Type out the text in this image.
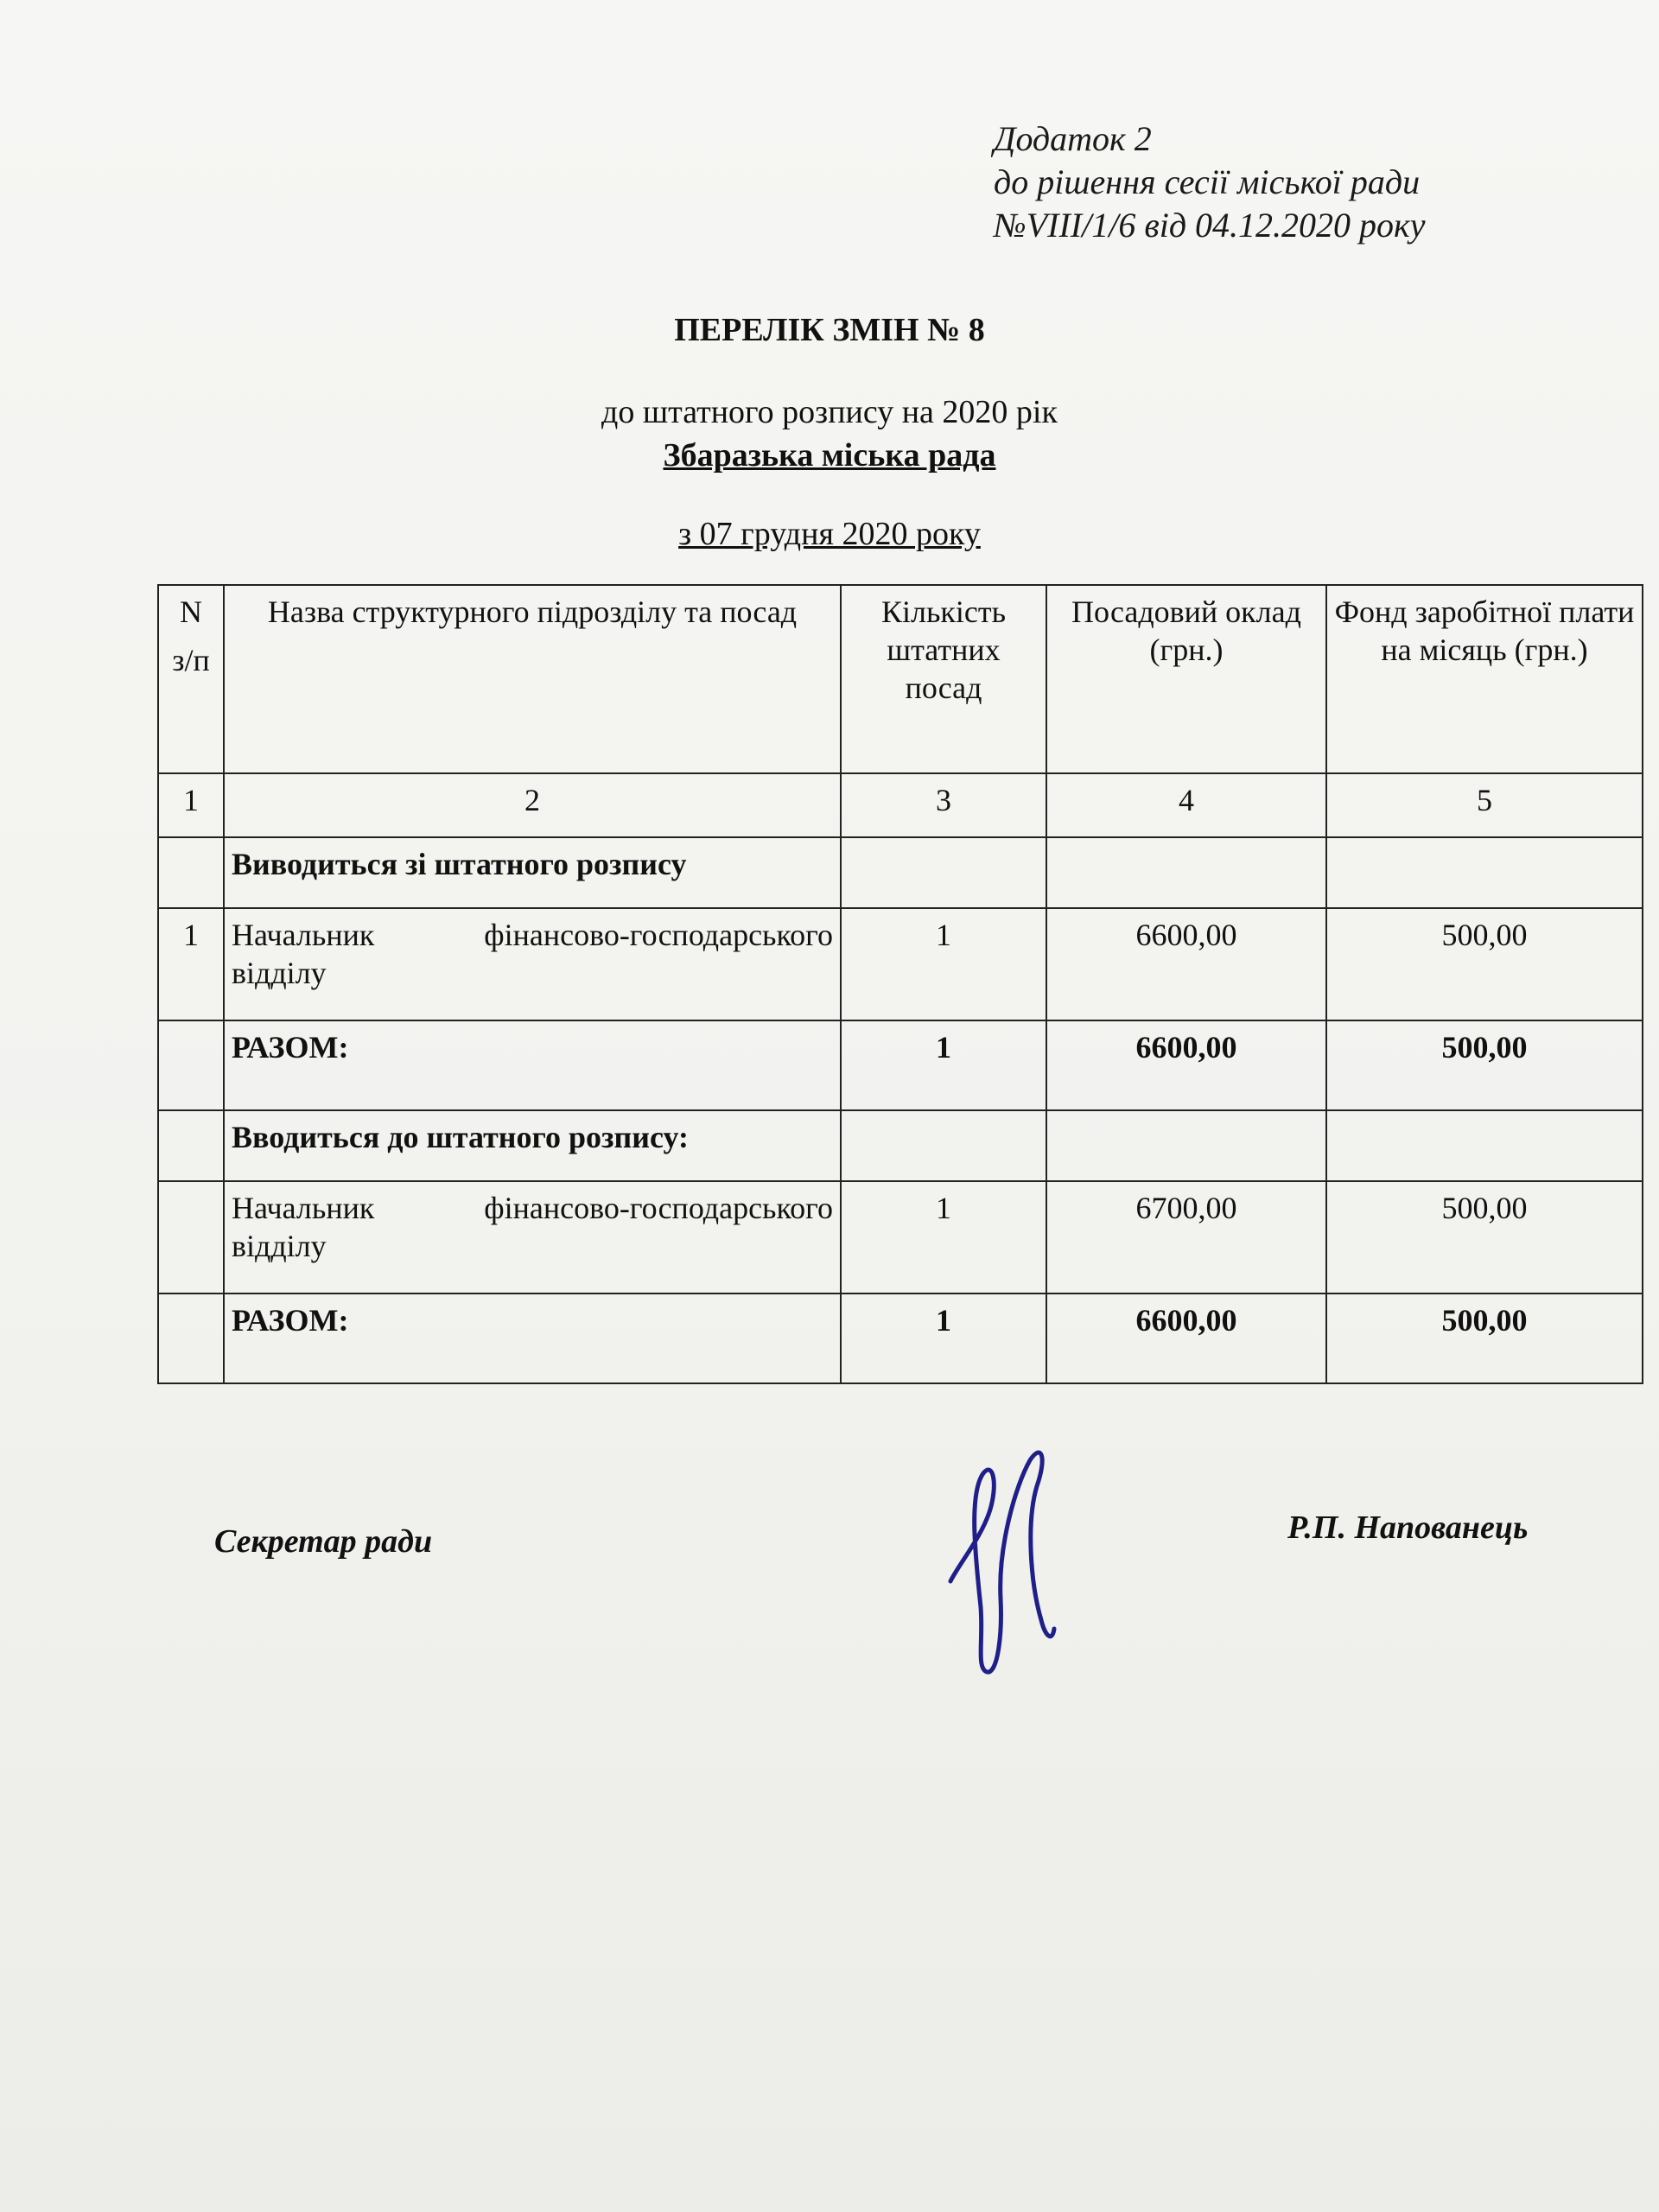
Додаток 2
до рішення сесії міської ради
№VIII/1/6 від 04.12.2020 року
ПЕРЕЛІК ЗМІН № 8
до штатного розпису на 2020 рік
Збаразька міська рада
з 07 грудня 2020 року
N
з/п	Назва структурного підрозділу та посад	Кількість штатних посад	Посадовий оклад (грн.)	Фонд заробітної плати на місяць (грн.)
1	2	3	4	5
	Виводиться зі штатного розпису			
1	Начальник фінансово-господарського відділу	1	6600,00	500,00
	РАЗОМ:	1	6600,00	500,00
	Вводиться до штатного розпису:			
	Начальник фінансово-господарського відділу	1	6700,00	500,00
	РАЗОМ:	1	6600,00	500,00
Секретар ради	Р.П. Напованець
